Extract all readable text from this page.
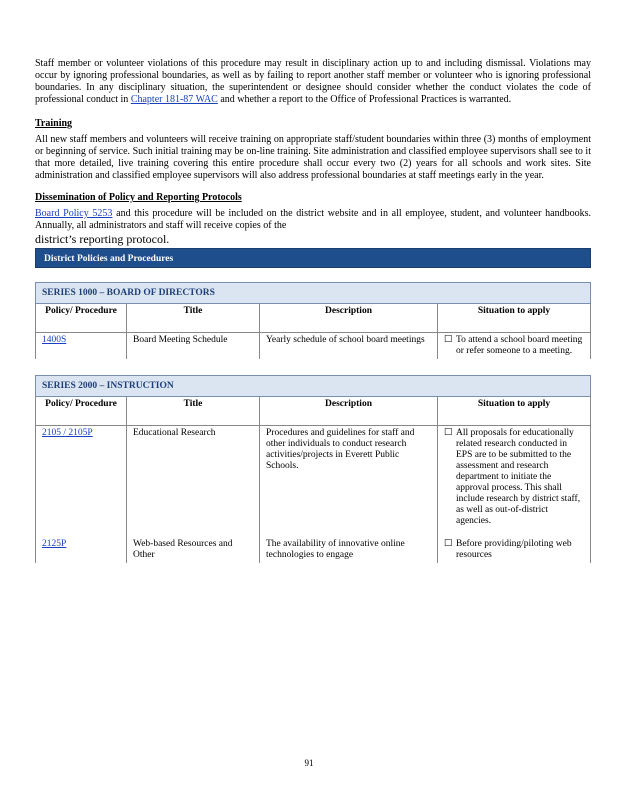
Staff member or volunteer violations of this procedure may result in disciplinary action up to and including dismissal. Violations may occur by ignoring professional boundaries, as well as by failing to report another staff member or volunteer who is ignoring professional boundaries. In any disciplinary situation, the superintendent or designee should consider whether the conduct violates the code of professional conduct in Chapter 181-87 WAC and whether a report to the Office of Professional Practices is warranted.

Training

All new staff members and volunteers will receive training on appropriate staff/student boundaries within three (3) months of employment or beginning of service. Such initial training may be on-line training. Site administration and classified employee supervisors shall see to it that more detailed, live training covering this entire procedure shall occur every two (2) years for all schools and work sites. Site administration and classified employee supervisors will also address professional boundaries at staff meetings early in the year.

Dissemination of Policy and Reporting Protocols

Board Policy 5253 and this procedure will be included on the district website and in all employee, student, and volunteer handbooks. Annually, all administrators and staff will receive copies of the

district’s reporting protocol.
District Policies and Procedures
SERIES 1000 – BOARD OF DIRECTORS			
Policy/ Procedure	Title	Description	Situation to apply
1400S	Board Meeting Schedule	Yearly schedule of school board meetings	☐ To attend a school board meeting or refer someone to a meeting.
SERIES 2000 – INSTRUCTION			
Policy/ Procedure	Title	Description	Situation to apply
2105 / 2105P	Educational Research	Procedures and guidelines for staff and other individuals to conduct research activities/projects in Everett Public Schools.	☐ All proposals for educationally related research conducted in EPS are to be submitted to the assessment and research department to initiate the approval process. This shall include research by district staff, as well as out-of-district agencies.

2125P	Web-based Resources and Other	The availability of innovative online technologies to engage	☐ Before providing/piloting web resources
91
